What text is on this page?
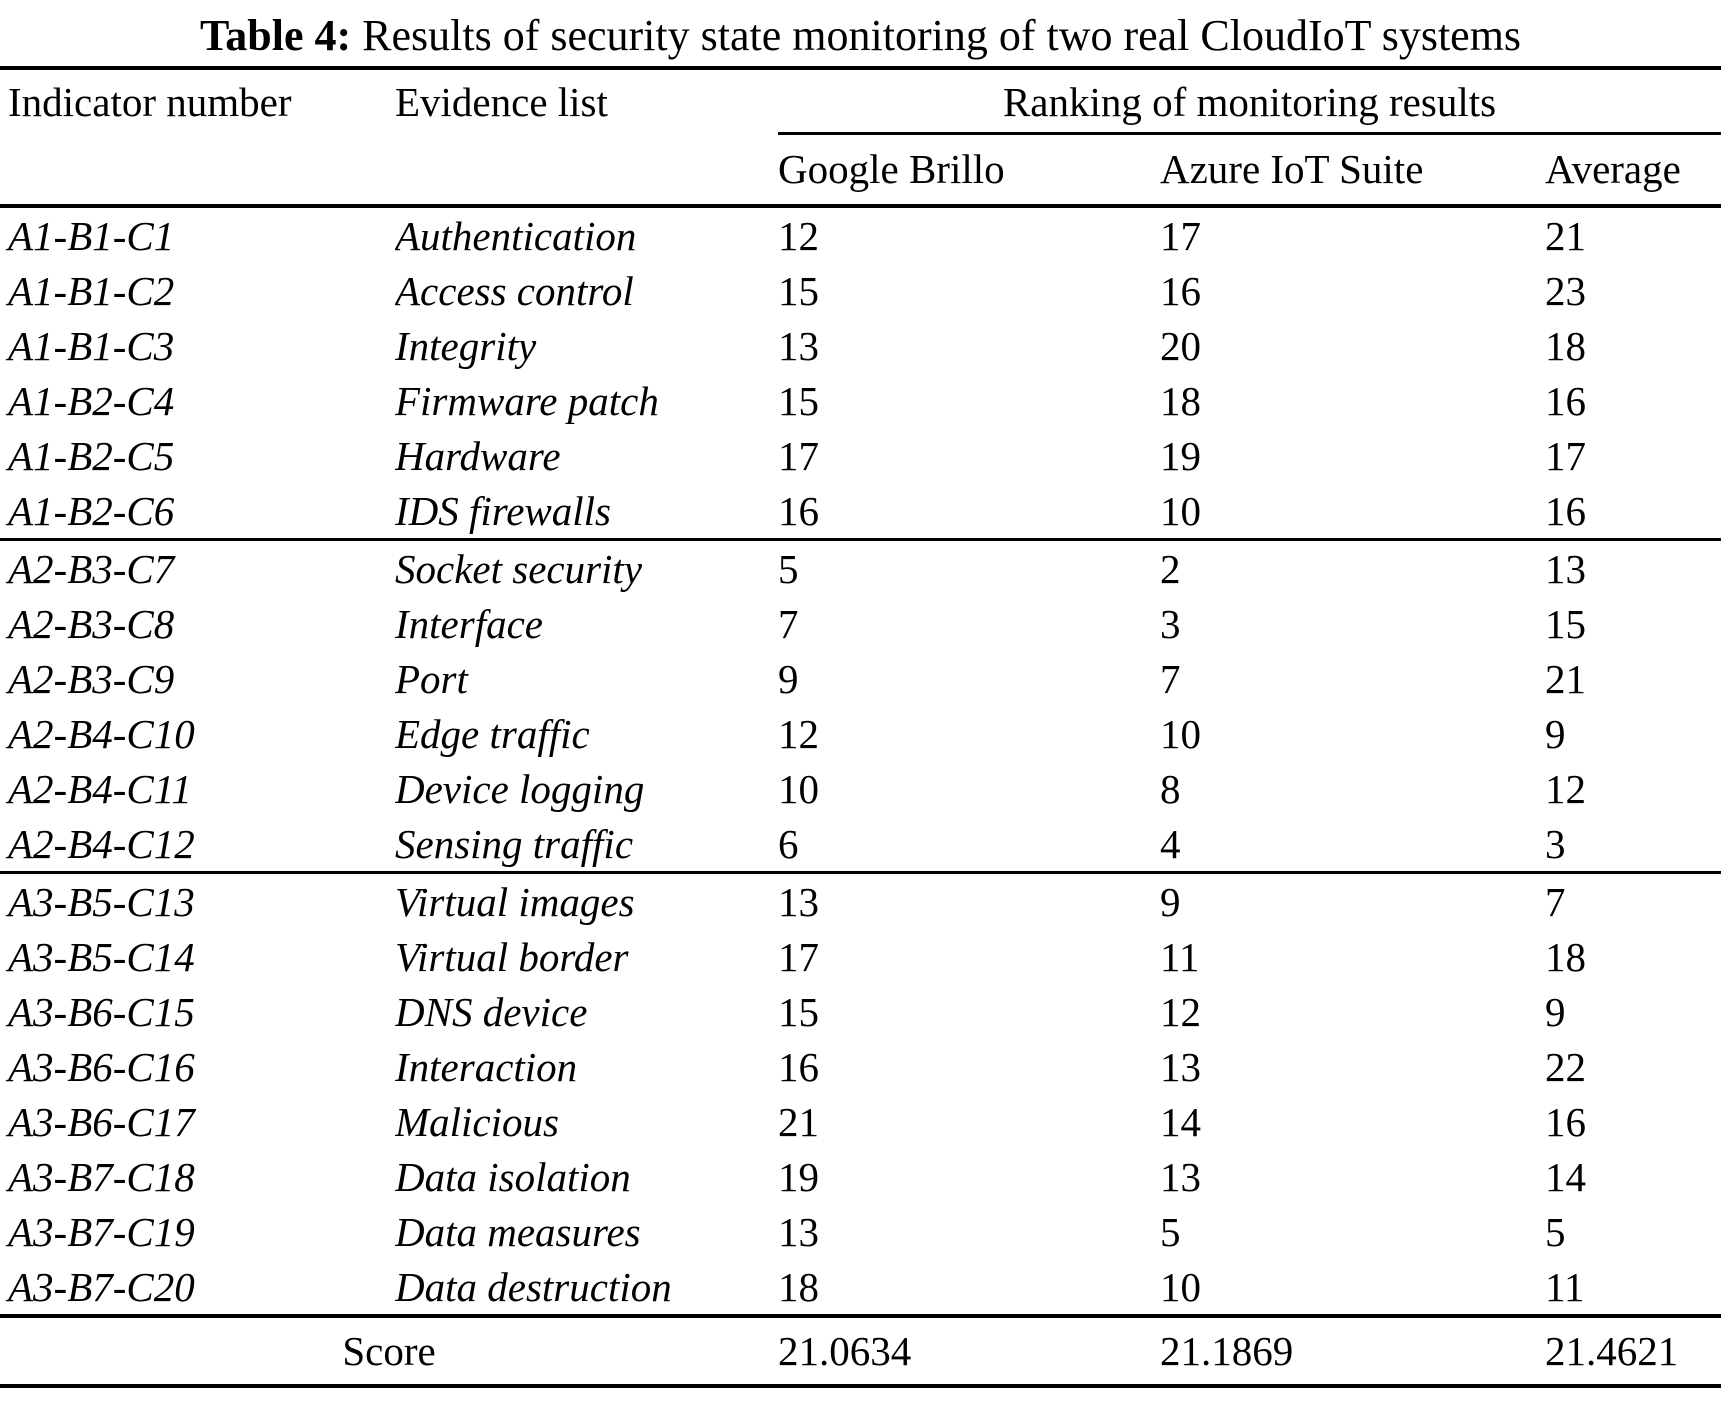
Table 4: Results of security state monitoring of two real CloudIoT systems
Indicator number	Evidence list	Ranking of monitoring results		
		Google Brillo	Azure IoT Suite	Average
A1-B1-C1	Authentication	12	17	21
A1-B1-C2	Access control	15	16	23
A1-B1-C3	Integrity	13	20	18
A1-B2-C4	Firmware patch	15	18	16
A1-B2-C5	Hardware	17	19	17
A1-B2-C6	IDS firewalls	16	10	16
A2-B3-C7	Socket security	5	2	13
A2-B3-C8	Interface	7	3	15
A2-B3-C9	Port	9	7	21
A2-B4-C10	Edge traffic	12	10	9
A2-B4-C11	Device logging	10	8	12
A2-B4-C12	Sensing traffic	6	4	3
A3-B5-C13	Virtual images	13	9	7
A3-B5-C14	Virtual border	17	11	18
A3-B6-C15	DNS device	15	12	9
A3-B6-C16	Interaction	16	13	22
A3-B6-C17	Malicious	21	14	16
A3-B7-C18	Data isolation	19	13	14
A3-B7-C19	Data measures	13	5	5
A3-B7-C20	Data destruction	18	10	11
Score		21.0634	21.1869	21.4621
